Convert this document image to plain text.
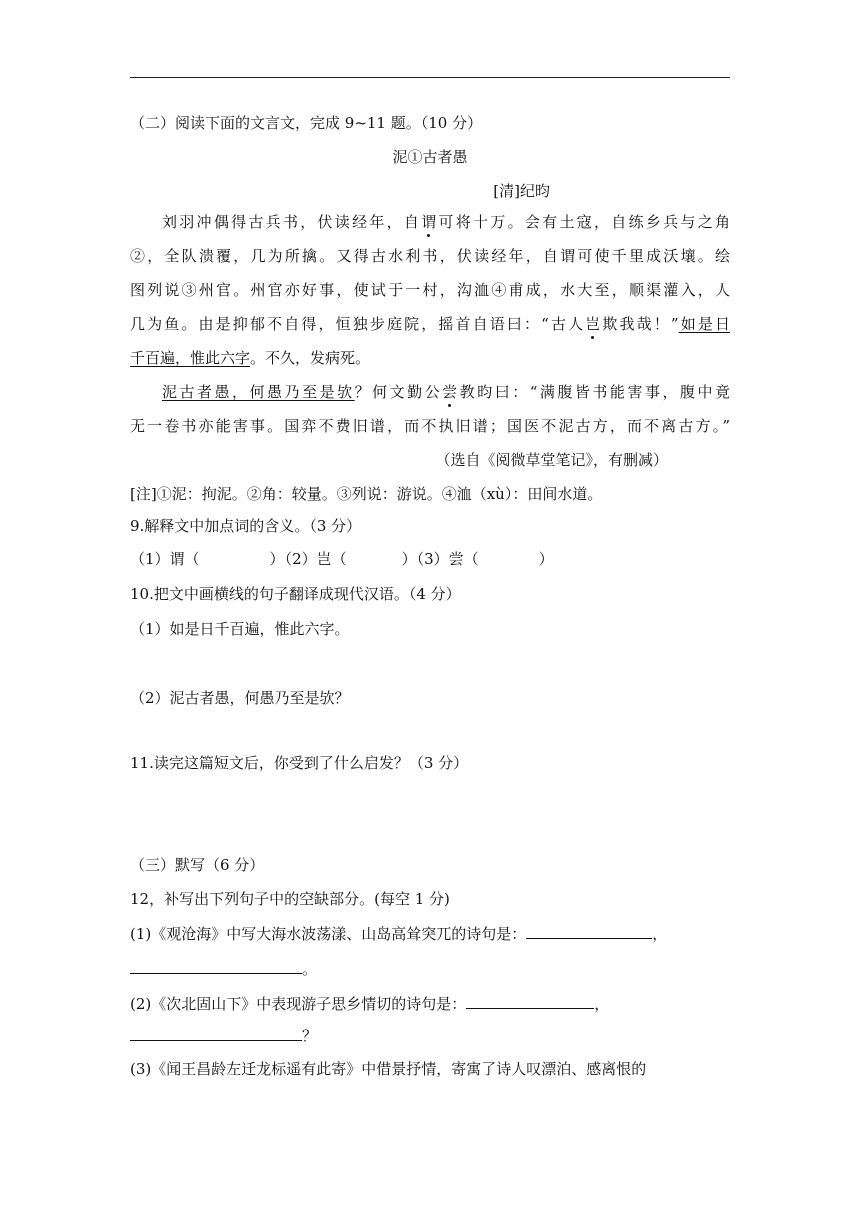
（二）阅读下面的文言文，完成 9~11 题。（10 分）
泥①古者愚
[清]纪昀
刘羽冲偶得古兵书，伏读经年，自谓可将十万。会有土寇，自练乡兵与之角
②，全队溃覆，几为所擒。又得古水利书，伏读经年，自谓可使千里成沃壤。绘
图列说③州官。州官亦好事，使试于一村，沟洫④甫成，水大至，顺渠灌入，人
几为鱼。由是抑郁不自得，恒独步庭院，摇首自语曰：“古人岂欺我哉！”如是日
千百遍，惟此六字。不久，发病死。
泥古者愚，何愚乃至是欤？何文勤公尝教昀曰：“满腹皆书能害事，腹中竟
无一卷书亦能害事。国弈不费旧谱，而不执旧谱；国医不泥古方，而不离古方。”
（选自《阅微草堂笔记》，有删减）
[注]①泥：拘泥。②角：较量。③列说：游说。④洫（xù）：田间水道。
9.解释文中加点词的含义。（3 分）
（1）谓（	）（2）岂（	）（3）尝（	）
10.把文中画横线的句子翻译成现代汉语。（4 分）
（1）如是日千百遍，惟此六字。
（2）泥古者愚，何愚乃至是欤？
11.读完这篇短文后，你受到了什么启发？（3 分）
（三）默写（6 分）
12，补写出下列句子中的空缺部分。(每空 1 分)
(1)《观沧海》中写大海水波荡漾、山岛高耸突兀的诗句是：	，
。
(2)《次北固山下》中表现游子思乡情切的诗句是：	，
？
(3)《闻王昌龄左迁龙标遥有此寄》中借景抒情，寄寓了诗人叹漂泊、感离恨的
